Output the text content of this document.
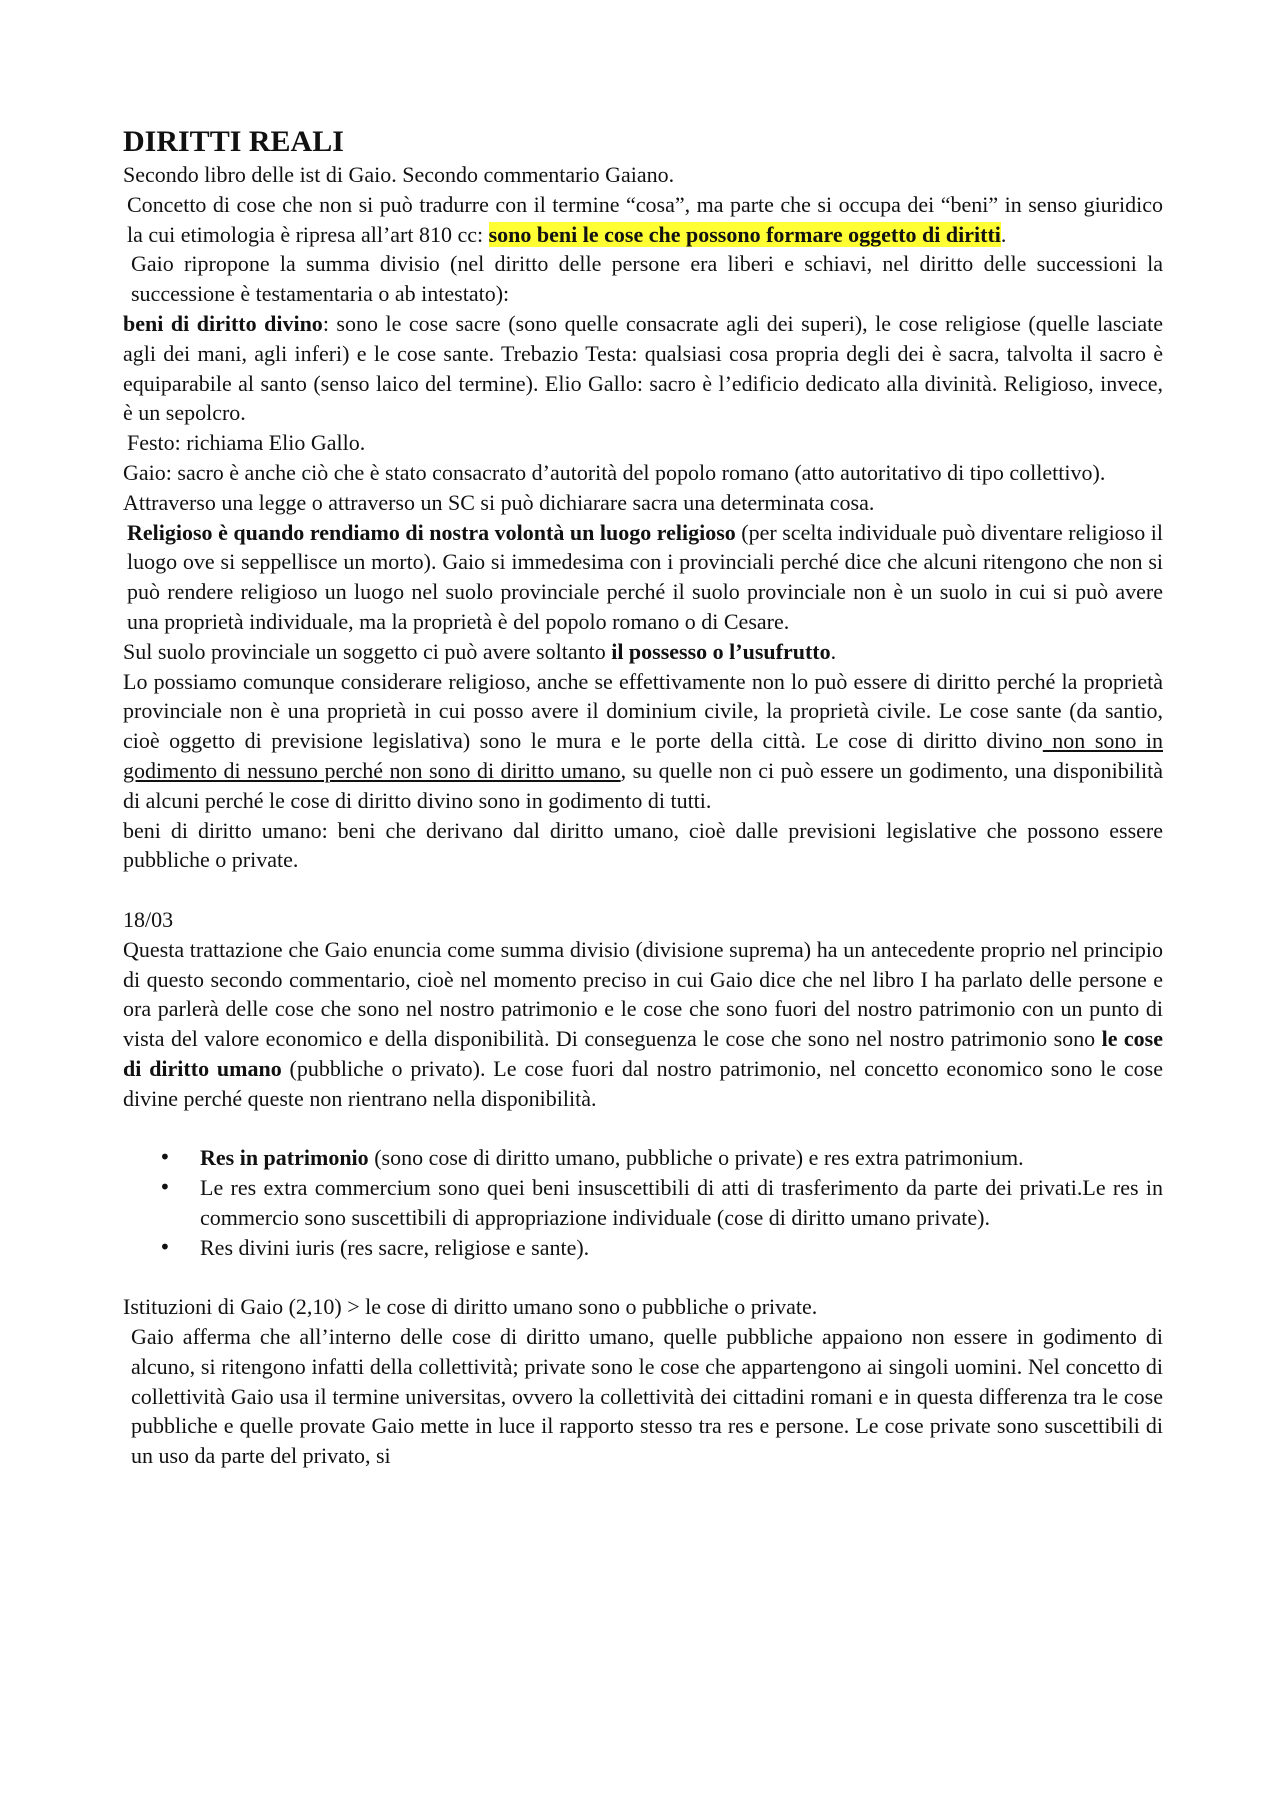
DIRITTI REALI

Secondo libro delle ist di Gaio. Secondo commentario Gaiano.

Concetto di cose che non si può tradurre con il termine “cosa”, ma parte che si occupa dei “beni” in senso giuridico la cui etimologia è ripresa all’art 810 cc: sono beni le cose che possono formare oggetto di diritti.

Gaio ripropone la summa divisio (nel diritto delle persone era liberi e schiavi, nel diritto delle successioni la successione è testamentaria o ab intestato):

beni di diritto divino: sono le cose sacre (sono quelle consacrate agli dei superi), le cose religiose (quelle lasciate agli dei mani, agli inferi) e le cose sante. Trebazio Testa: qualsiasi cosa propria degli dei è sacra, talvolta il sacro è equiparabile al santo (senso laico del termine). Elio Gallo: sacro è l’edificio dedicato alla divinità. Religioso, invece, è un sepolcro.

Festo: richiama Elio Gallo.

Gaio: sacro è anche ciò che è stato consacrato d’autorità del popolo romano (atto autoritativo di tipo collettivo).

Attraverso una legge o attraverso un SC si può dichiarare sacra una determinata cosa.

Religioso è quando rendiamo di nostra volontà un luogo religioso (per scelta individuale può diventare religioso il luogo ove si seppellisce un morto). Gaio si immedesima con i provinciali perché dice che alcuni ritengono che non si può rendere religioso un luogo nel suolo provinciale perché il suolo provinciale non è un suolo in cui si può avere una proprietà individuale, ma la proprietà è del popolo romano o di Cesare.

Sul suolo provinciale un soggetto ci può avere soltanto il possesso o l’usufrutto.

Lo possiamo comunque considerare religioso, anche se effettivamente non lo può essere di diritto perché la proprietà provinciale non è una proprietà in cui posso avere il dominium civile, la proprietà civile. Le cose sante (da santio, cioè oggetto di previsione legislativa) sono le mura e le porte della città. Le cose di diritto divino non sono in godimento di nessuno perché non sono di diritto umano, su quelle non ci può essere un godimento, una disponibilità di alcuni perché le cose di diritto divino sono in godimento di tutti.

beni di diritto umano: beni che derivano dal diritto umano, cioè dalle previsioni legislative che possono essere pubbliche o private.

18/03

Questa trattazione che Gaio enuncia come summa divisio (divisione suprema) ha un antecedente proprio nel principio di questo secondo commentario, cioè nel momento preciso in cui Gaio dice che nel libro I ha parlato delle persone e ora parlerà delle cose che sono nel nostro patrimonio e le cose che sono fuori del nostro patrimonio con un punto di vista del valore economico e della disponibilità. Di conseguenza le cose che sono nel nostro patrimonio sono le cose di diritto umano (pubbliche o privato). Le cose fuori dal nostro patrimonio, nel concetto economico sono le cose divine perché queste non rientrano nella disponibilità.

• Res in patrimonio (sono cose di diritto umano, pubbliche o private) e res extra patrimonium.
• Le res extra commercium sono quei beni insuscettibili di atti di trasferimento da parte dei privati.Le res in commercio sono suscettibili di appropriazione individuale (cose di diritto umano private).
• Res divini iuris (res sacre, religiose e sante).

Istituzioni di Gaio (2,10) > le cose di diritto umano sono o pubbliche o private.

Gaio afferma che all’interno delle cose di diritto umano, quelle pubbliche appaiono non essere in godimento di alcuno, si ritengono infatti della collettività; private sono le cose che appartengono ai singoli uomini. Nel concetto di collettività Gaio usa il termine universitas, ovvero la collettività dei cittadini romani e in questa differenza tra le cose pubbliche e quelle provate Gaio mette in luce il rapporto stesso tra res e persone. Le cose private sono suscettibili di un uso da parte del privato, si
